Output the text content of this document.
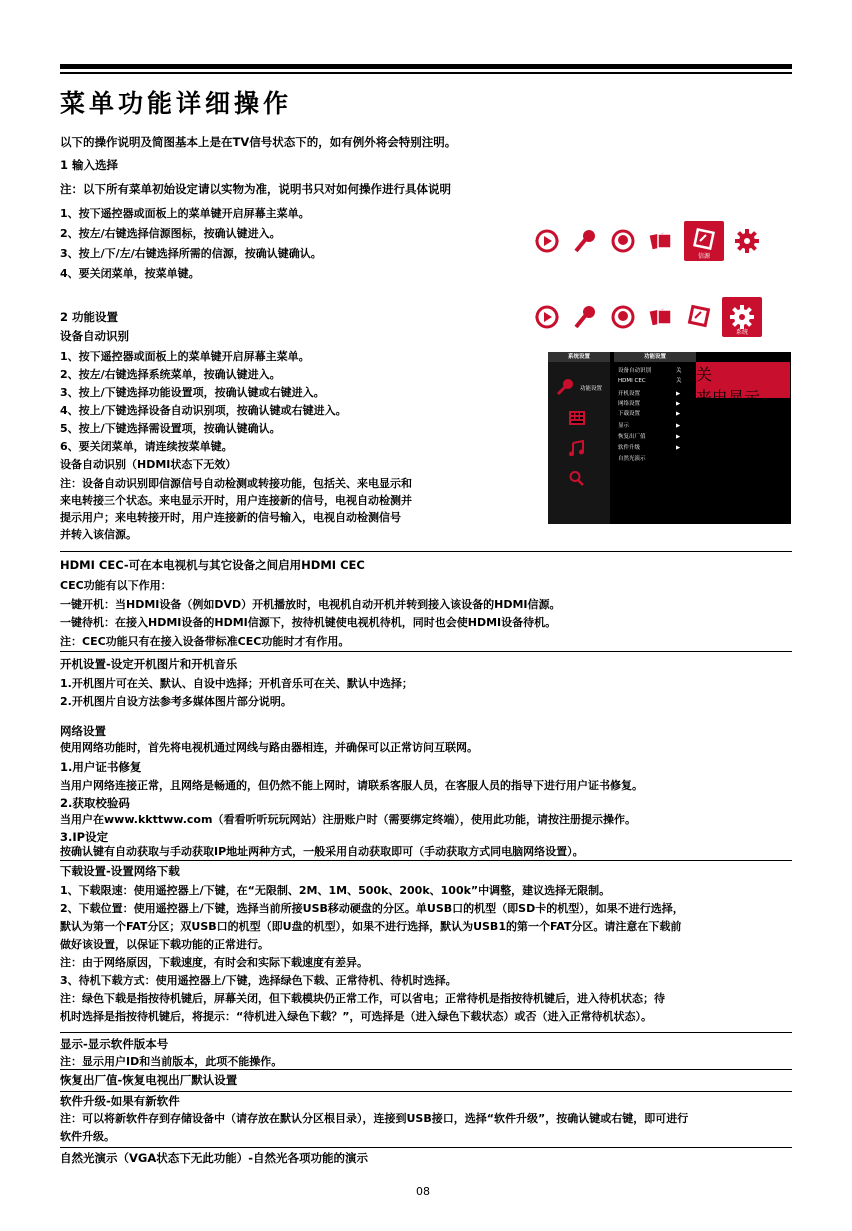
菜单功能详细操作
以下的操作说明及简图基本上是在TV信号状态下的，如有例外将会特别注明。
1 输入选择
注：以下所有菜单初始设定请以实物为准，说明书只对如何操作进行具体说明
1、按下遥控器或面板上的菜单键开启屏幕主菜单。
2、按左/右键选择信源图标，按确认键进入。
3、按上/下/左/右键选择所需的信源，按确认键确认。
4、要关闭菜单，按菜单键。
信源
2 功能设置
设备自动识别
1、按下遥控器或面板上的菜单键开启屏幕主菜单。
2、按左/右键选择系统菜单，按确认键进入。
3、按上/下键选择功能设置项，按确认键或右键进入。
4、按上/下键选择设备自动识别项，按确认键或右键进入。
5、按上/下键选择需设置项，按确认键确认。
6、要关闭菜单，请连续按菜单键。
设备自动识别（HDMI状态下无效）
注：设备自动识别即信源信号自动检测或转接功能，包括关、来电显示和
来电转接三个状态。来电显示开时，用户连接新的信号，电视自动检测并
提示用户；来电转接开时，用户连接新的信号输入，电视自动检测信号
并转入该信源。
系统
系统设置	功能设置
功能设置
设备自动识别	关
HDMI CEC	关
开机设置	▶
网络设置	▶
下载设置	▶
显示	▶
恢复出厂值	▶
软件升级	▶
自然光演示
关
来电显示
来电转接
HDMI CEC-可在本电视机与其它设备之间启用HDMI CEC
CEC功能有以下作用：
一键开机：当HDMI设备（例如DVD）开机播放时，电视机自动开机并转到接入该设备的HDMI信源。
一键待机：在接入HDMI设备的HDMI信源下，按待机键使电视机待机，同时也会使HDMI设备待机。
注：CEC功能只有在接入设备带标准CEC功能时才有作用。
开机设置-设定开机图片和开机音乐
1.开机图片可在关、默认、自设中选择；开机音乐可在关、默认中选择；
2.开机图片自设方法参考多媒体图片部分说明。
网络设置
使用网络功能时，首先将电视机通过网线与路由器相连，并确保可以正常访问互联网。
1.用户证书修复
当用户网络连接正常，且网络是畅通的，但仍然不能上网时，请联系客服人员，在客服人员的指导下进行用户证书修复。
2.获取校验码
当用户在www.kkttww.com（看看听听玩玩网站）注册账户时（需要绑定终端），使用此功能，请按注册提示操作。
3.IP设定
按确认键有自动获取与手动获取IP地址两种方式，一般采用自动获取即可（手动获取方式同电脑网络设置）。
下载设置-设置网络下载
1、下载限速：使用遥控器上/下键，在“无限制、2M、1M、500k、200k、100k”中调整，建议选择无限制。
2、下载位置：使用遥控器上/下键，选择当前所接USB移动硬盘的分区。单USB口的机型（即SD卡的机型），如果不进行选择，
默认为第一个FAT分区；双USB口的机型（即U盘的机型），如果不进行选择，默认为USB1的第一个FAT分区。请注意在下载前
做好该设置，以保证下载功能的正常进行。
注：由于网络原因，下载速度，有时会和实际下载速度有差异。
3、待机下载方式：使用遥控器上/下键，选择绿色下载、正常待机、待机时选择。
注：绿色下载是指按待机键后，屏幕关闭，但下载模块仍正常工作，可以省电；正常待机是指按待机键后，进入待机状态；待
机时选择是指按待机键后，将提示：“待机进入绿色下载？”，可选择是（进入绿色下载状态）或否（进入正常待机状态）。
显示-显示软件版本号
注：显示用户ID和当前版本，此项不能操作。
恢复出厂值-恢复电视出厂默认设置
软件升级-如果有新软件
注：可以将新软件存到存储设备中（请存放在默认分区根目录），连接到USB接口，选择“软件升级”，按确认键或右键，即可进行
软件升级。
自然光演示（VGA状态下无此功能）-自然光各项功能的演示
08
